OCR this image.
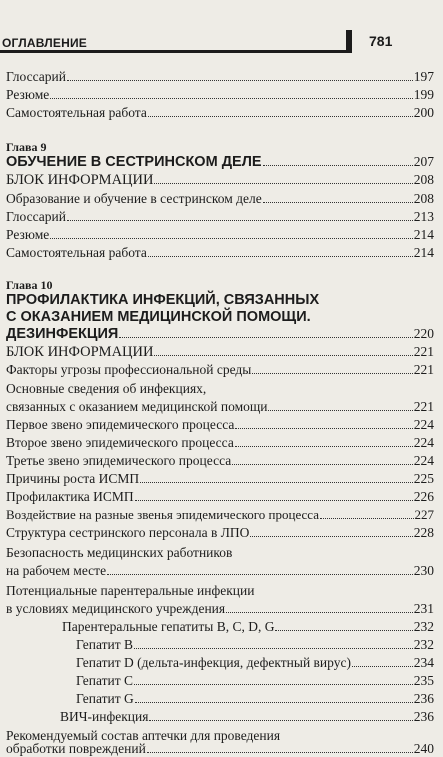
ОГЛАВЛЕНИЕ	781
Глоссарий	197
Резюме	199
Самостоятельная работа	200
Глава 9
ОБУЧЕНИЕ В СЕСТРИНСКОМ ДЕЛЕ	207
БЛОК ИНФОРМАЦИИ	208
Образование и обучение в сестринском деле	208
Глоссарий	213
Резюме	214
Самостоятельная работа	214
Глава 10
ПРОФИЛАКТИКА ИНФЕКЦИЙ, СВЯЗАННЫХ
С ОКАЗАНИЕМ МЕДИЦИНСКОЙ ПОМОЩИ.
ДЕЗИНФЕКЦИЯ	220
БЛОК ИНФОРМАЦИИ	221
Факторы угрозы профессиональной среды	221
Основные сведения об инфекциях,
связанных с оказанием медицинской помощи	221
Первое звено эпидемического процесса	224
Второе звено эпидемического процесса	224
Третье звено эпидемического процесса	224
Причины роста ИСМП	225
Профилактика ИСМП	226
Воздействие на разные звенья эпидемического процесса	227
Структура сестринского персонала в ЛПО	228
Безопасность медицинских работников
на рабочем месте	230
Потенциальные парентеральные инфекции
в условиях медицинского учреждения	231
Парентеральные гепатиты B, C, D, G	232
Гепатит B	232
Гепатит D (дельта-инфекция, дефектный вирус)	234
Гепатит C	235
Гепатит G	236
ВИЧ-инфекция	236
Рекомендуемый состав аптечки для проведения
обработки повреждений	240
